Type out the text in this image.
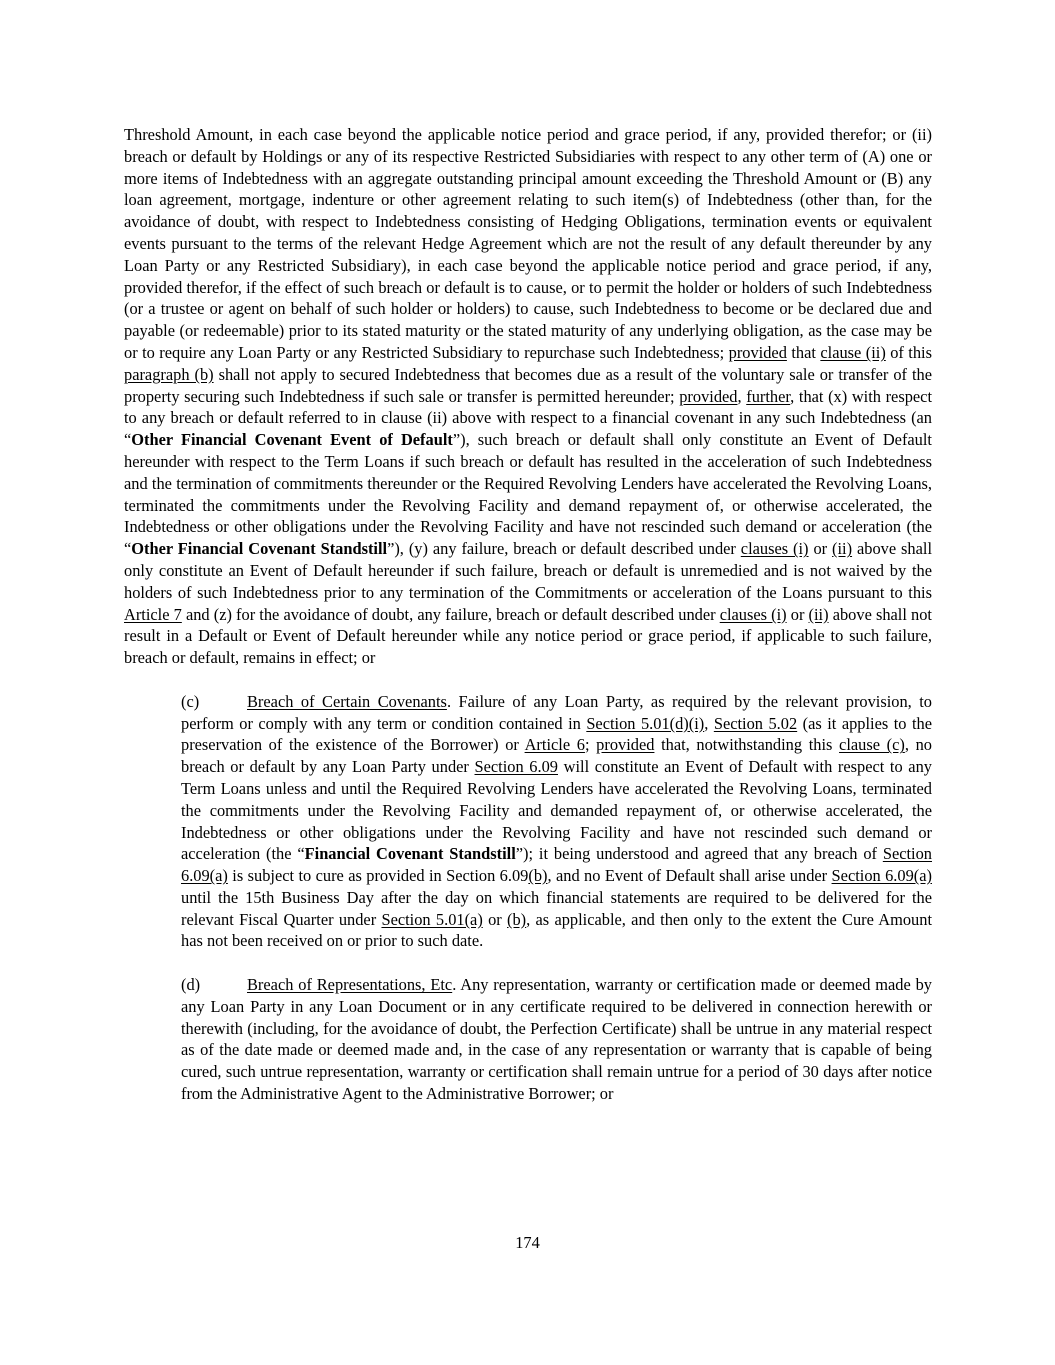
Threshold Amount, in each case beyond the applicable notice period and grace period, if any, provided therefor; or (ii) breach or default by Holdings or any of its respective Restricted Subsidiaries with respect to any other term of (A) one or more items of Indebtedness with an aggregate outstanding principal amount exceeding the Threshold Amount or (B) any loan agreement, mortgage, indenture or other agreement relating to such item(s) of Indebtedness (other than, for the avoidance of doubt, with respect to Indebtedness consisting of Hedging Obligations, termination events or equivalent events pursuant to the terms of the relevant Hedge Agreement which are not the result of any default thereunder by any Loan Party or any Restricted Subsidiary), in each case beyond the applicable notice period and grace period, if any, provided therefor, if the effect of such breach or default is to cause, or to permit the holder or holders of such Indebtedness (or a trustee or agent on behalf of such holder or holders) to cause, such Indebtedness to become or be declared due and payable (or redeemable) prior to its stated maturity or the stated maturity of any underlying obligation, as the case may be or to require any Loan Party or any Restricted Subsidiary to repurchase such Indebtedness; provided that clause (ii) of this paragraph (b) shall not apply to secured Indebtedness that becomes due as a result of the voluntary sale or transfer of the property securing such Indebtedness if such sale or transfer is permitted hereunder; provided, further, that (x) with respect to any breach or default referred to in clause (ii) above with respect to a financial covenant in any such Indebtedness (an “Other Financial Covenant Event of Default”), such breach or default shall only constitute an Event of Default hereunder with respect to the Term Loans if such breach or default has resulted in the acceleration of such Indebtedness and the termination of commitments thereunder or the Required Revolving Lenders have accelerated the Revolving Loans, terminated the commitments under the Revolving Facility and demand repayment of, or otherwise accelerated, the Indebtedness or other obligations under the Revolving Facility and have not rescinded such demand or acceleration (the “Other Financial Covenant Standstill”), (y) any failure, breach or default described under clauses (i) or (ii) above shall only constitute an Event of Default hereunder if such failure, breach or default is unremedied and is not waived by the holders of such Indebtedness prior to any termination of the Commitments or acceleration of the Loans pursuant to this Article 7 and (z) for the avoidance of doubt, any failure, breach or default described under clauses (i) or (ii) above shall not result in a Default or Event of Default hereunder while any notice period or grace period, if applicable to such failure, breach or default, remains in effect; or

(c)	Breach of Certain Covenants. Failure of any Loan Party, as required by the relevant provision, to perform or comply with any term or condition contained in Section 5.01(d)(i), Section 5.02 (as it applies to the preservation of the existence of the Borrower) or Article 6; provided that, notwithstanding this clause (c), no breach or default by any Loan Party under Section 6.09 will constitute an Event of Default with respect to any Term Loans unless and until the Required Revolving Lenders have accelerated the Revolving Loans, terminated the commitments under the Revolving Facility and demanded repayment of, or otherwise accelerated, the Indebtedness or other obligations under the Revolving Facility and have not rescinded such demand or acceleration (the “Financial Covenant Standstill”); it being understood and agreed that any breach of Section 6.09(a) is subject to cure as provided in Section 6.09(b), and no Event of Default shall arise under Section 6.09(a) until the 15th Business Day after the day on which financial statements are required to be delivered for the relevant Fiscal Quarter under Section 5.01(a) or (b), as applicable, and then only to the extent the Cure Amount has not been received on or prior to such date.

(d)	Breach of Representations, Etc. Any representation, warranty or certification made or deemed made by any Loan Party in any Loan Document or in any certificate required to be delivered in connection herewith or therewith (including, for the avoidance of doubt, the Perfection Certificate) shall be untrue in any material respect as of the date made or deemed made and, in the case of any representation or warranty that is capable of being cured, such untrue representation, warranty or certification shall remain untrue for a period of 30 days after notice from the Administrative Agent to the Administrative Borrower; or

174
